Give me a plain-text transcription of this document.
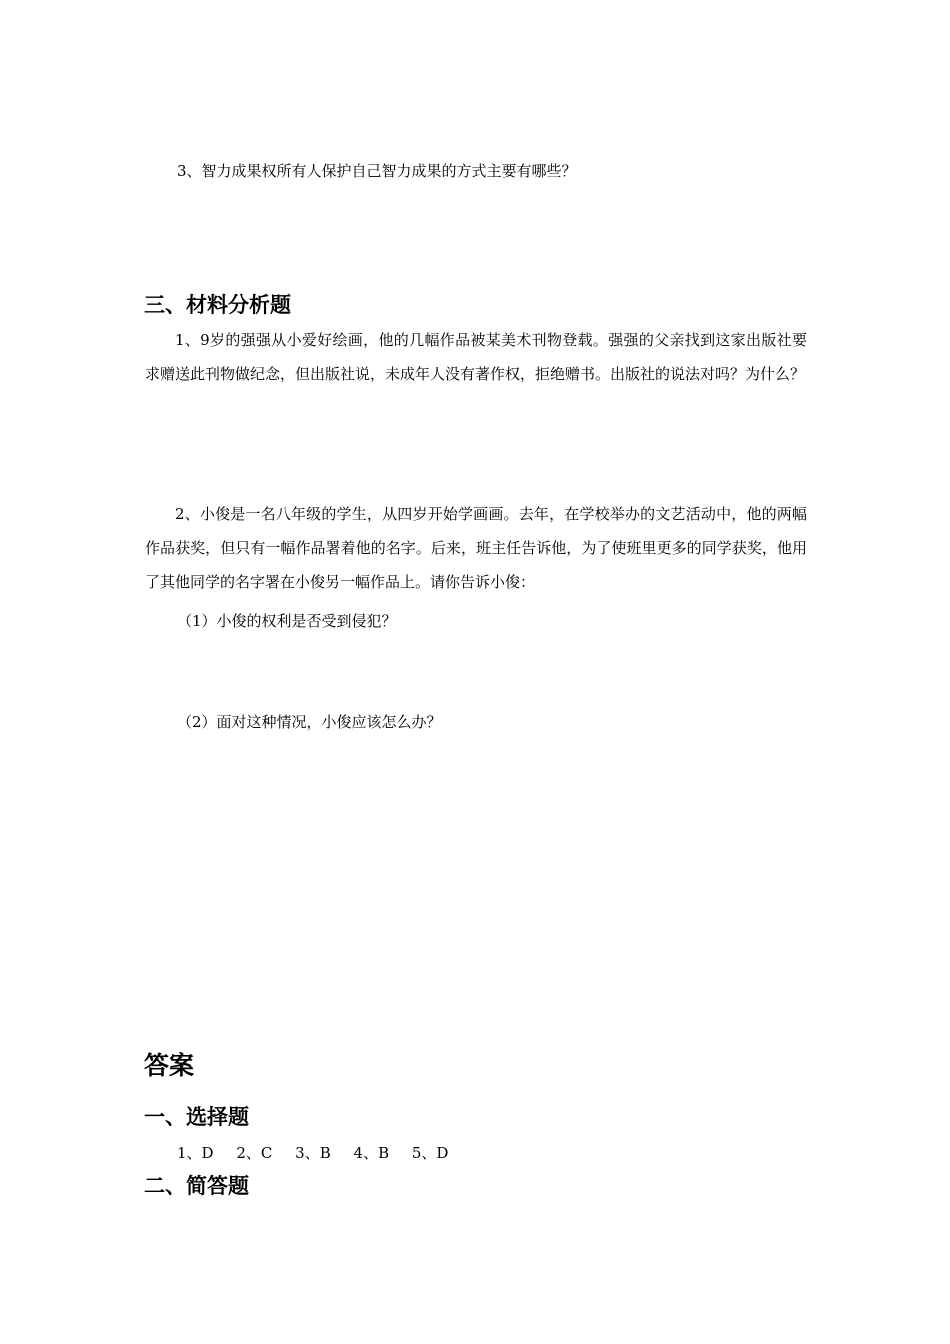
3、智力成果权所有人保护自己智力成果的方式主要有哪些？

三、材料分析题

1、9岁的强强从小爱好绘画，他的几幅作品被某美术刊物登载。强强的父亲找到这家出版社要求赠送此刊物做纪念，但出版社说，未成年人没有著作权，拒绝赠书。出版社的说法对吗？为什么？

2、小俊是一名八年级的学生，从四岁开始学画画。去年，在学校举办的文艺活动中，他的两幅作品获奖，但只有一幅作品署着他的名字。后来，班主任告诉他，为了使班里更多的同学获奖，他用了其他同学的名字署在小俊另一幅作品上。请你告诉小俊：

（1）小俊的权利是否受到侵犯？

（2）面对这种情况，小俊应该怎么办？

答案
一、选择题

1、D 2、C 3、B 4、B 5、D

二、简答题
